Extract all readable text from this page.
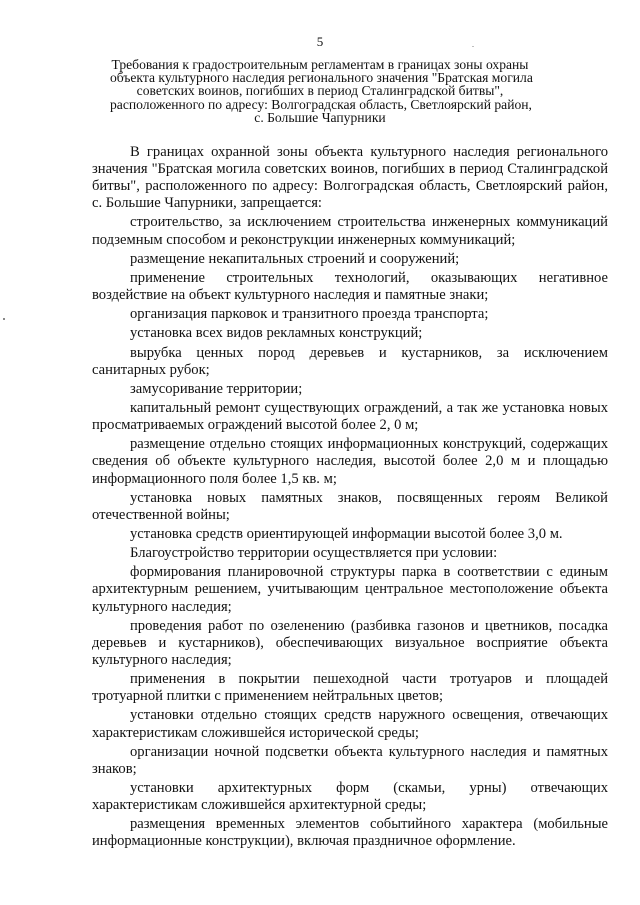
5	.
Требования к градостроительным регламентам в границах зоны охраны
объекта культурного наследия регионального значения "Братская могила
советских воинов, погибших в период Сталинградской битвы",
расположенного по адресу: Волгоградская область, Светлоярский район,
с. Большие Чапурники

В границах охранной зоны объекта культурного наследия регионального значения "Братская могила советских воинов, погибших в период Сталинградской битвы", расположенного по адресу: Волгоградская область, Светлоярский район, с. Большие Чапурники, запрещается:

строительство, за исключением строительства инженерных коммуникаций подземным способом и реконструкции инженерных коммуникаций;

размещение некапитальных строений и сооружений;

применение строительных технологий, оказывающих негативное воздействие на объект культурного наследия и памятные знаки;

организация парковок и транзитного проезда транспорта;

установка всех видов рекламных конструкций;

вырубка ценных пород деревьев и кустарников, за исключением санитарных рубок;

замусоривание территории;

капитальный ремонт существующих ограждений, а так же установка новых просматриваемых ограждений высотой более 2, 0 м;

размещение отдельно стоящих информационных конструкций, содержащих сведения об объекте культурного наследия, высотой более 2,0 м и площадью информационного поля более 1,5 кв. м;

установка новых памятных знаков, посвященных героям Великой отечественной войны;

установка средств ориентирующей информации высотой более 3,0 м.

Благоустройство территории осуществляется при условии:

формирования планировочной структуры парка в соответствии с единым архитектурным решением, учитывающим центральное местоположение объекта культурного наследия;

проведения работ по озеленению (разбивка газонов и цветников, посадка деревьев и кустарников), обеспечивающих визуальное восприятие объекта культурного наследия;

применения в покрытии пешеходной части тротуаров и площадей тротуарной плитки с применением нейтральных цветов;

установки отдельно стоящих средств наружного освещения, отвечающих характеристикам сложившейся исторической среды;

организации ночной подсветки объекта культурного наследия и памятных знаков;

установки архитектурных форм (скамьи, урны) отвечающих характеристикам сложившейся архитектурной среды;

размещения временных элементов событийного характера (мобильные информационные конструкции), включая праздничное оформление.
